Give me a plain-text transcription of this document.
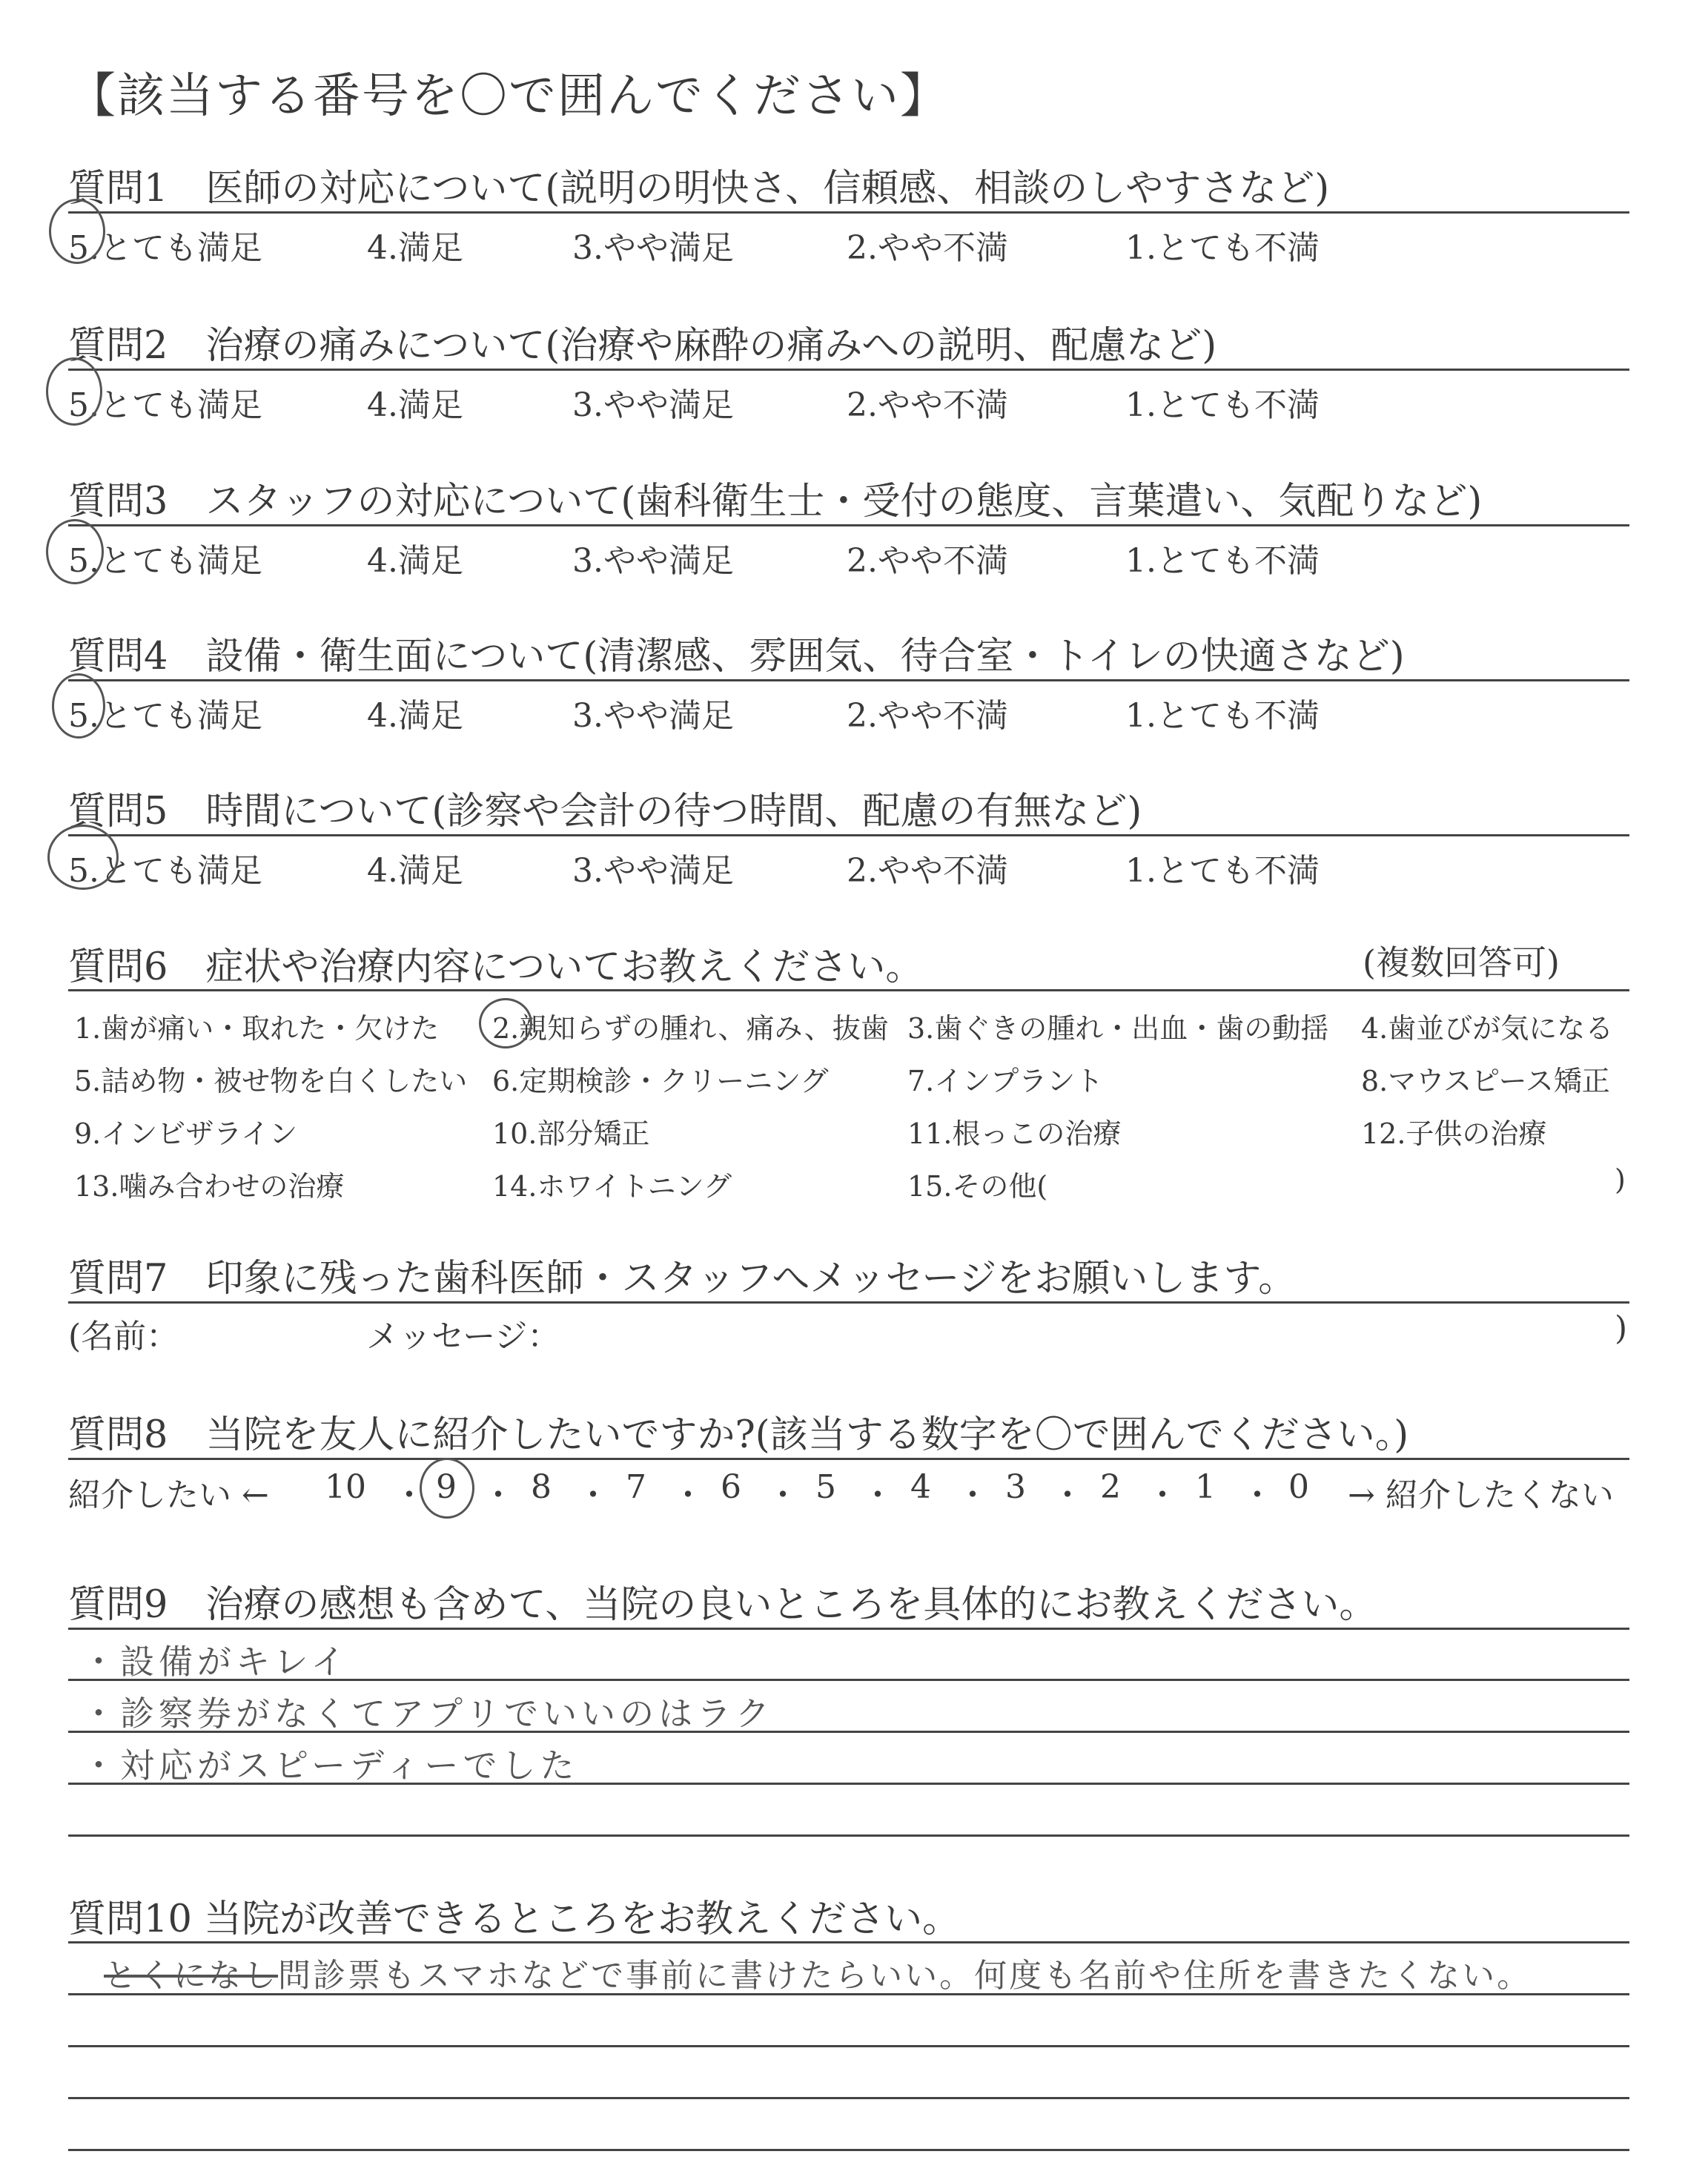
【該当する番号を〇で囲んでください】
質問1　医師の対応について(説明の明快さ、信頼感、相談のしやすさなど)
5.とても満足	4.満足	3.やや満足	2.やや不満	1.とても不満
質問2　治療の痛みについて(治療や麻酔の痛みへの説明、配慮など)
5.とても満足	4.満足	3.やや満足	2.やや不満	1.とても不満
質問3　スタッフの対応について(歯科衛生士・受付の態度、言葉遣い、気配りなど)
5.とても満足	4.満足	3.やや満足	2.やや不満	1.とても不満
質問4　設備・衛生面について(清潔感、雰囲気、待合室・トイレの快適さなど)
5.とても満足	4.満足	3.やや満足	2.やや不満	1.とても不満
質問5　時間について(診察や会計の待つ時間、配慮の有無など)
5.とても満足	4.満足	3.やや満足	2.やや不満	1.とても不満
質問6　症状や治療内容についてお教えください。	(複数回答可)
1.歯が痛い・取れた・欠けた 2.親知らずの腫れ、痛み、抜歯 3.歯ぐきの腫れ・出血・歯の動揺 4.歯並びが気になる
5.詰め物・被せ物を白くしたい 6.定期検診・クリーニング	7.インプラント	8.マウスピース矯正
9.インビザライン	10.部分矯正	11.根っこの治療	12.子供の治療
13.噛み合わせの治療	14.ホワイトニング	15.その他(	)
質問7　印象に残った歯科医師・スタッフへメッセージをお願いします。
(名前：	メッセージ：	)
質問8　当院を友人に紹介したいですか?(該当する数字を〇で囲んでください。)
紹介したい ←	→ 紹介したくない
10 9 8 7 6 5 4 3 2 1 0
・ ・ ・ ・ ・ ・ ・ ・ ・ ・
質問9　治療の感想も含めて、当院の良いところを具体的にお教えください。
・設備がキレイ
・診察券がなくてアプリでいいのはラク
・対応がスピーディーでした
質問10 当院が改善できるところをお教えください。
とくになし問診票もスマホなどで事前に書けたらいい。何度も名前や住所を書きたくない。
